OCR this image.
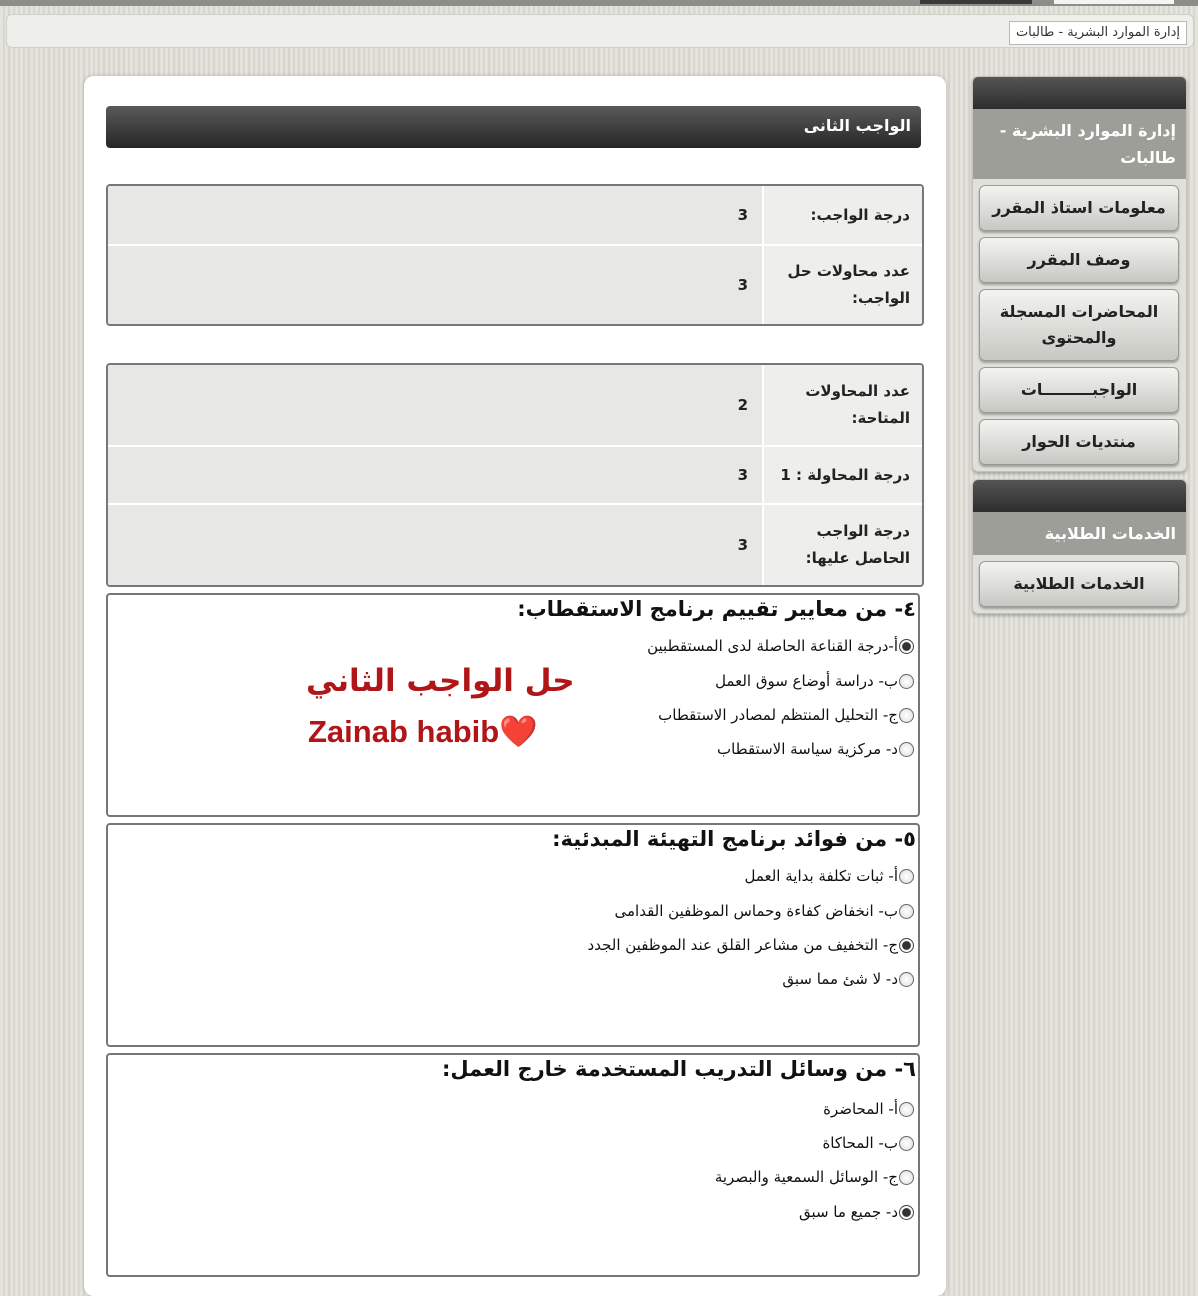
إدارة الموارد البشرية - طالبات
إدارة الموارد البشرية - طالبات
معلومات استاذ المقرر
وصف المقرر
المحاضرات المسجلة والمحتوى
الواجبـــــــــات
منتديات الحوار
الخدمات الطلابية
الخدمات الطلابية
الواجب الثانى
درجة الواجب:
3
عدد محاولات حل الواجب:
3
عدد المحاولات المتاحة:
2
درجة المحاولة : 1
3
درجة الواجب الحاصل عليها:
3
٤- من معايير تقييم برنامج الاستقطاب:
أ-درجة القناعة الحاصلة لدى المستقطبين
ب- دراسة أوضاع سوق العمل
ج- التحليل المنتظم لمصادر الاستقطاب
د- مركزية سياسة الاستقطاب
حل الواجب الثاني
Zainab habib❤️
٥- من فوائد برنامج التهيئة المبدئية:
أ- ثبات تكلفة بداية العمل
ب- انخفاض كفاءة وحماس الموظفين القدامى
ج- التخفيف من مشاعر القلق عند الموظفين الجدد
د- لا شئ مما سبق
٦- من وسائل التدريب المستخدمة خارج العمل:
أ- المحاضرة
ب- المحاكاة
ج- الوسائل السمعية والبصرية
د- جميع ما سبق
